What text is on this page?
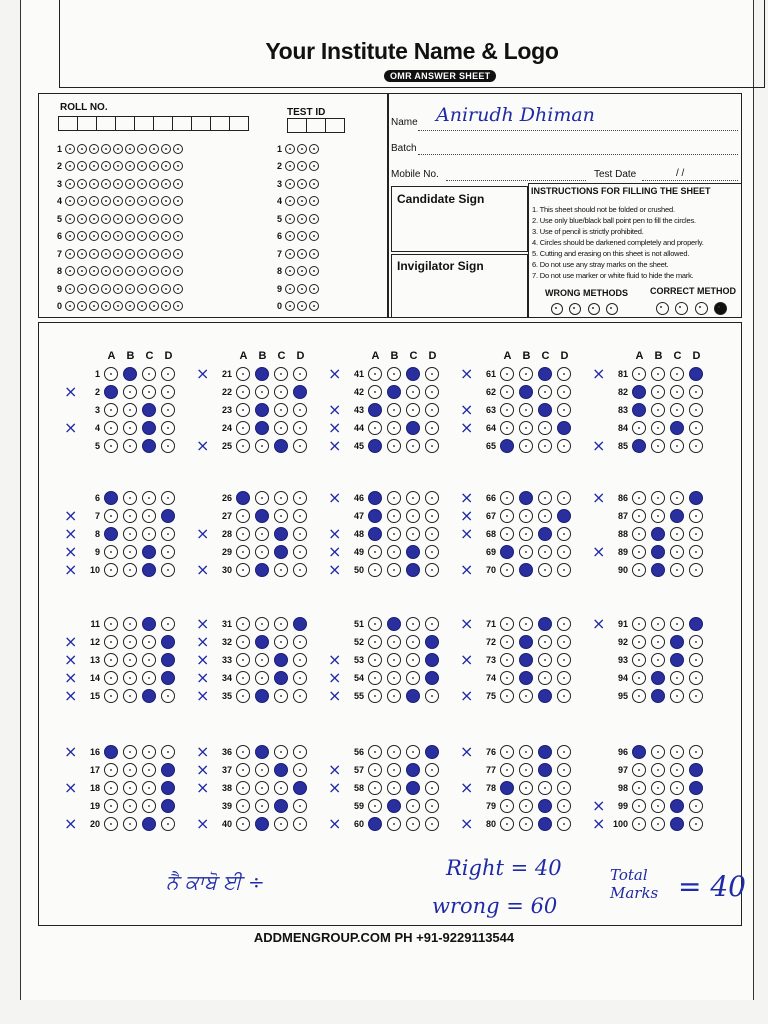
Your Institute Name & Logo
OMR ANSWER SHEET
ROLL NO.	TEST ID
1	1
2	2
3	3
4	4
5	5
6	6
7	7
8	8
9	9
0	0
Name Anirudh Dhiman
Batch
Mobile No.	Test Date	/ /
Candidate Sign
Invigilator Sign
INSTRUCTIONS FOR FILLING THE SHEET
1. This sheet should not be folded or crushed.
2. Use only blue/black ball point pen to fill the circles.
3. Use of pencil is strictly prohibited.
4. Circles should be darkened completely and properly.
5. Cutting and erasing on this sheet is not allowed.
6. Do not use any stray marks on the sheet.
7. Do not use marker or white fluid to hide the mark.
WRONG METHODS CORRECT METHOD

A B C D
1
×	2
3
×	4
5
A B C D
×	21
22
23
24
×	25
A B C D
×	41
42
×	43
×	44
×	45
A B C D
×	61
62
×	63
×	64
65
A B C D
×	81
82
83
84
×	85
6
×	7
×	8
×	9
×	10
26
27
×	28
29
×	30
×	46
47
×	48
×	49
×	50
×	66
×	67
×	68
69
×	70
×	86
87
88
×	89
90
11
×	12
×	13
×	14
×	15
×	31
×	32
×	33
×	34
×	35
51
52
×	53
×	54
×	55
×	71
72
×	73
74
×	75
×	91
92
93
94
95
×	16
17
×	18
19
×	20
×	36
×	37
×	38
39
×	40
56
×	57
×	58
59
×	60
×	76
77
×	78
79
×	80
96
97
98
×	99
× 100
ਨੈ ਕਾਬੋ ਈ ÷
Right = 40
wrong = 60
Total Marks = 40
ADDMENGROUP.COM PH +91-9229113544
